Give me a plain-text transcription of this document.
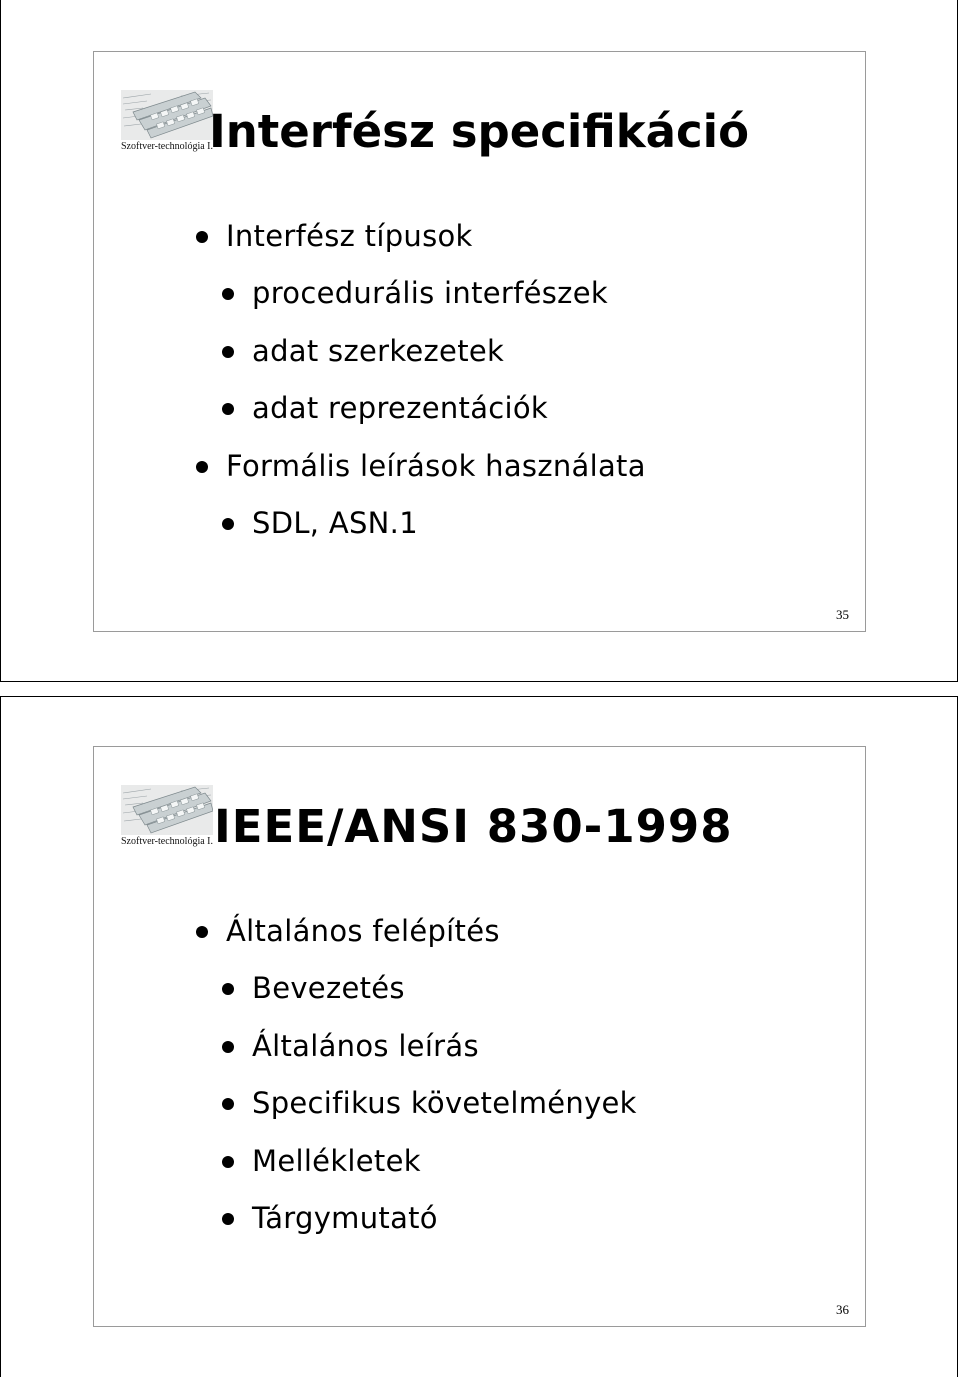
Szoftver-technológia I.
Interfész specifikáció
Interfész típusok
procedurális interfészek
adat szerkezetek
adat reprezentációk
Formális leírások használata
SDL, ASN.1
35
Szoftver-technológia I. IEEE/ANSI 830-1998
Általános felépítés
Bevezetés
Általános leírás
Specifikus követelmények
Mellékletek
Tárgymutató
36
